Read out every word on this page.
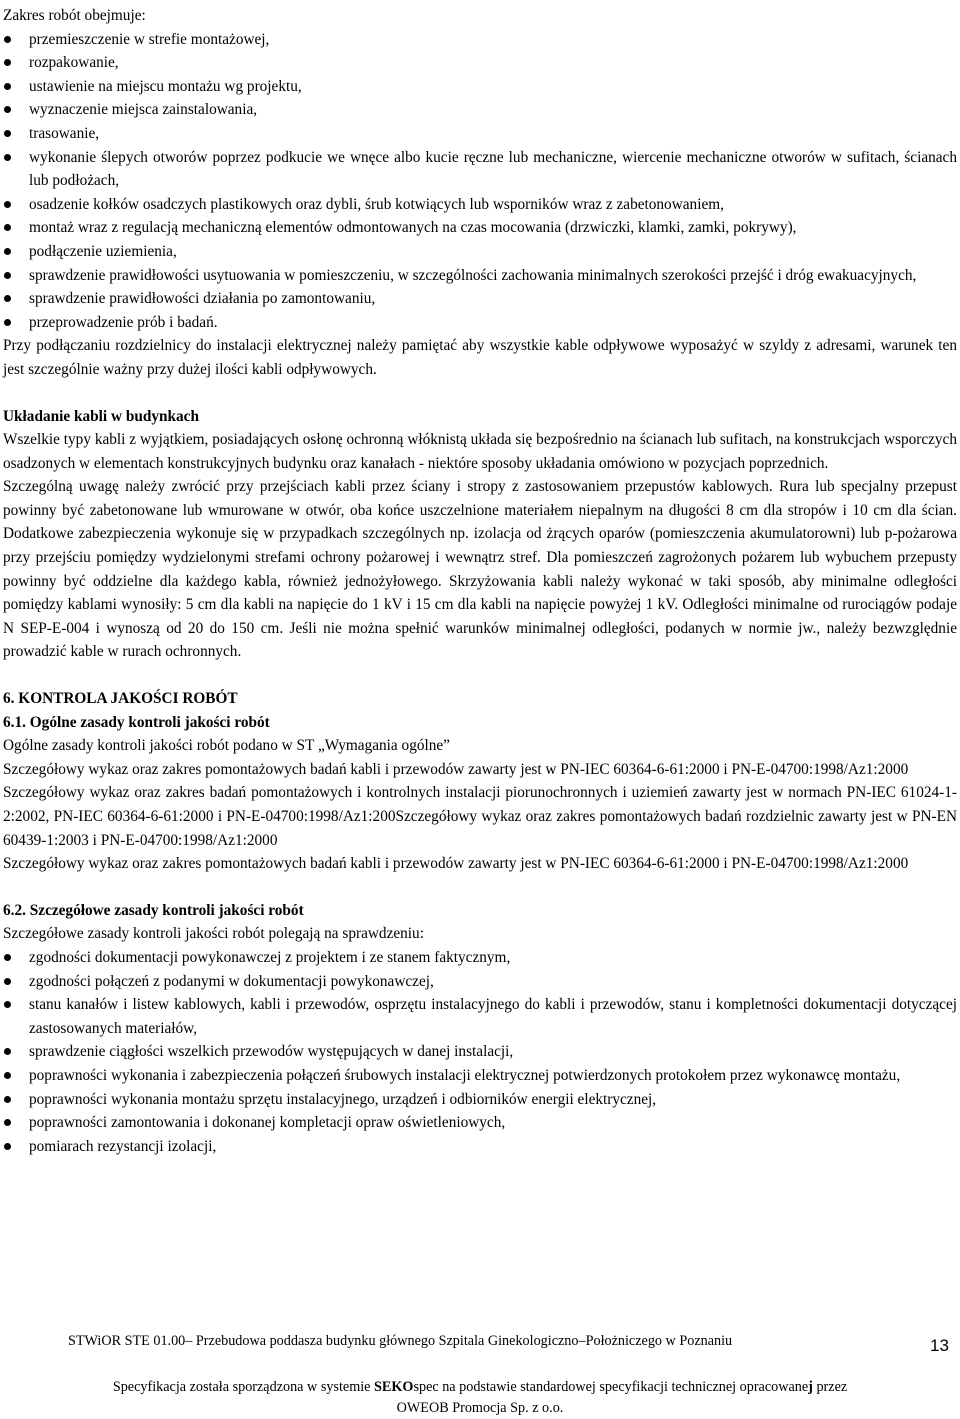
Zakres robót obejmuje:

przemieszczenie w strefie montażowej,
rozpakowanie,
ustawienie na miejscu montażu wg projektu,
wyznaczenie miejsca zainstalowania,
trasowanie,
wykonanie ślepych otworów poprzez podkucie we wnęce albo kucie ręczne lub mechaniczne, wiercenie mechaniczne otworów w sufitach, ścianach lub podłożach,
osadzenie kołków osadczych plastikowych oraz dybli, śrub kotwiących lub wsporników wraz z zabetonowaniem,
montaż wraz z regulacją mechaniczną elementów odmontowanych na czas mocowania (drzwiczki, klamki, zamki, pokrywy),
podłączenie uziemienia,
sprawdzenie prawidłowości usytuowania w pomieszczeniu, w szczególności zachowania minimalnych szerokości przejść i dróg ewakuacyjnych,
sprawdzenie prawidłowości działania po zamontowaniu,
przeprowadzenie prób i badań.

Przy podłączaniu rozdzielnicy do instalacji elektrycznej należy pamiętać aby wszystkie kable odpływowe wyposażyć w szyldy z adresami, warunek ten jest szczególnie ważny przy dużej ilości kabli odpływowych.

Układanie kabli w budynkach

Wszelkie typy kabli z wyjątkiem, posiadających osłonę ochronną włóknistą układa się bezpośrednio na ścianach lub sufitach, na konstrukcjach wsporczych osadzonych w elementach konstrukcyjnych budynku oraz kanałach - niektóre sposoby układania omówiono w pozycjach poprzednich.

Szczególną uwagę należy zwrócić przy przejściach kabli przez ściany i stropy z zastosowaniem przepustów kablowych. Rura lub specjalny przepust powinny być zabetonowane lub wmurowane w otwór, oba końce uszczelnione materiałem niepalnym na długości 8 cm dla stropów i 10 cm dla ścian. Dodatkowe zabezpieczenia wykonuje się w przypadkach szczególnych np. izolacja od żrących oparów (pomieszczenia akumulatorowni) lub p-pożarowa przy przejściu pomiędzy wydzielonymi strefami ochrony pożarowej i wewnątrz stref. Dla pomieszczeń zagrożonych pożarem lub wybuchem przepusty powinny być oddzielne dla każdego kabla, również jednożyłowego. Skrzyżowania kabli należy wykonać w taki sposób, aby minimalne odległości pomiędzy kablami wynosiły: 5 cm dla kabli na napięcie do 1 kV i 15 cm dla kabli na napięcie powyżej 1 kV. Odległości minimalne od rurociągów podaje N SEP-E-004 i wynoszą od 20 do 150 cm. Jeśli nie można spełnić warunków minimalnej odległości, podanych w normie jw., należy bezwzględnie prowadzić kable w rurach ochronnych.

6. KONTROLA JAKOŚCI ROBÓT

6.1. Ogólne zasady kontroli jakości robót

Ogólne zasady kontroli jakości robót podano w ST „Wymagania ogólne”

Szczegółowy wykaz oraz zakres pomontażowych badań kabli i przewodów zawarty jest w PN-IEC 60364-6-61:2000 i PN-E-04700:1998/Az1:2000

Szczegółowy wykaz oraz zakres badań pomontażowych i kontrolnych instalacji piorunochronnych i uziemień zawarty jest w normach PN-IEC 61024-1-2:2002, PN-IEC 60364-6-61:2000 i PN-E-04700:1998/Az1:200Szczegółowy wykaz oraz zakres pomontażowych badań rozdzielnic zawarty jest w PN-EN 60439-1:2003 i PN-E-04700:1998/Az1:2000

Szczegółowy wykaz oraz zakres pomontażowych badań kabli i przewodów zawarty jest w PN-IEC 60364-6-61:2000 i PN-E-04700:1998/Az1:2000

6.2. Szczegółowe zasady kontroli jakości robót

Szczegółowe zasady kontroli jakości robót polegają na sprawdzeniu:

zgodności dokumentacji powykonawczej z projektem i ze stanem faktycznym,
zgodności połączeń z podanymi w dokumentacji powykonawczej,
stanu kanałów i listew kablowych, kabli i przewodów, osprzętu instalacyjnego do kabli i przewodów, stanu i kompletności dokumentacji dotyczącej zastosowanych materiałów,
sprawdzenie ciągłości wszelkich przewodów występujących w danej instalacji,
poprawności wykonania i zabezpieczenia połączeń śrubowych instalacji elektrycznej potwierdzonych protokołem przez wykonawcę montażu,
poprawności wykonania montażu sprzętu instalacyjnego, urządzeń i odbiorników energii elektrycznej,
poprawności zamontowania i dokonanej kompletacji opraw oświetleniowych,
pomiarach rezystancji izolacji,
STWiOR STE 01.00– Przebudowa poddasza budynku głównego Szpitala Ginekologiczno–Położniczego w Poznaniu	13
Specyfikacja została sporządzona w systemie SEKOspec na podstawie standardowej specyfikacji technicznej opracowanej przez
OWEOB Promocja Sp. z o.o.
